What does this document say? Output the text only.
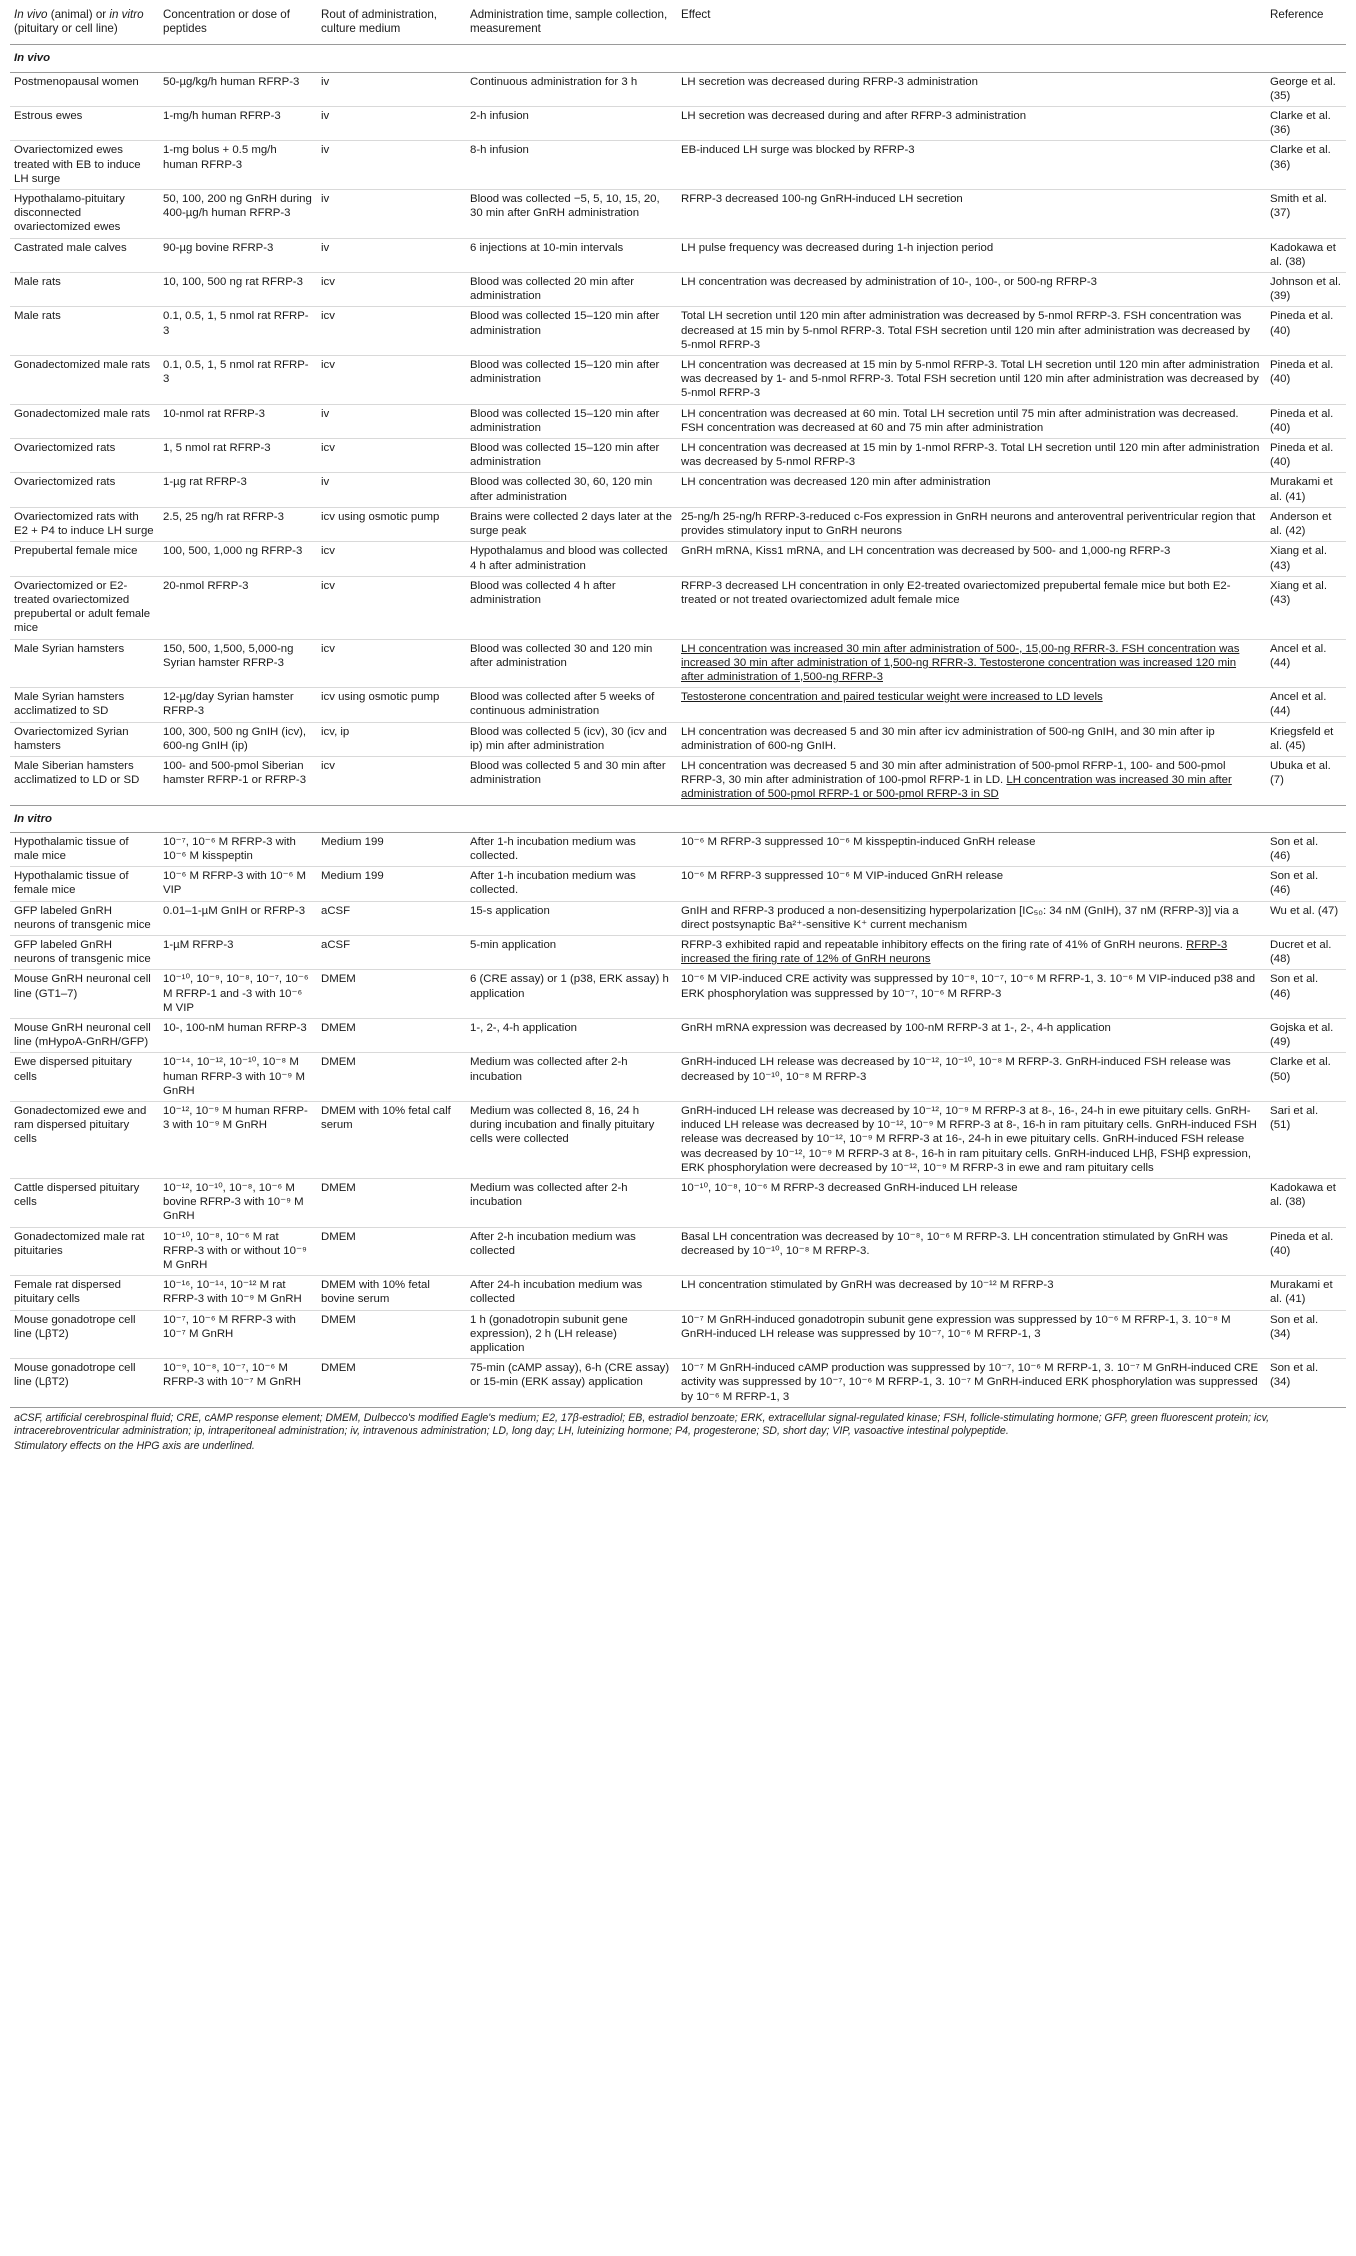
In vivo (animal) or in vitro (pituitary or cell line)	Concentration or dose of peptides	Rout of administration, culture medium	Administration time, sample collection, measurement	Effect	Reference
In vivo					
Postmenopausal women	50-µg/kg/h human RFRP-3	iv	Continuous administration for 3 h	LH secretion was decreased during RFRP-3 administration	George et al. (35)
Estrous ewes	1-mg/h human RFRP-3	iv	2-h infusion	LH secretion was decreased during and after RFRP-3 administration	Clarke et al. (36)
Ovariectomized ewes treated with EB to induce LH surge	1-mg bolus + 0.5 mg/h human RFRP-3	iv	8-h infusion	EB-induced LH surge was blocked by RFRP-3	Clarke et al. (36)
Hypothalamo-pituitary disconnected ovariectomized ewes	50, 100, 200 ng GnRH during 400-µg/h human RFRP-3	iv	Blood was collected −5, 5, 10, 15, 20, 30 min after GnRH administration	RFRP-3 decreased 100-ng GnRH-induced LH secretion	Smith et al. (37)
Castrated male calves	90-µg bovine RFRP-3	iv	6 injections at 10-min intervals	LH pulse frequency was decreased during 1-h injection period	Kadokawa et al. (38)
Male rats	10, 100, 500 ng rat RFRP-3	icv	Blood was collected 20 min after administration	LH concentration was decreased by administration of 10-, 100-, or 500-ng RFRP-3	Johnson et al. (39)
Male rats	0.1, 0.5, 1, 5 nmol rat RFRP-3	icv	Blood was collected 15–120 min after administration	Total LH secretion until 120 min after administration was decreased by 5-nmol RFRP-3. FSH concentration was decreased at 15 min by 5-nmol RFRP-3. Total FSH secretion until 120 min after administration was decreased by 5-nmol RFRP-3	Pineda et al. (40)
Gonadectomized male rats	0.1, 0.5, 1, 5 nmol rat RFRP-3	icv	Blood was collected 15–120 min after administration	LH concentration was decreased at 15 min by 5-nmol RFRP-3. Total LH secretion until 120 min after administration was decreased by 1- and 5-nmol RFRP-3. Total FSH secretion until 120 min after administration was decreased by 5-nmol RFRP-3	Pineda et al. (40)
Gonadectomized male rats	10-nmol rat RFRP-3	iv	Blood was collected 15–120 min after administration	LH concentration was decreased at 60 min. Total LH secretion until 75 min after administration was decreased. FSH concentration was decreased at 60 and 75 min after administration	Pineda et al. (40)
Ovariectomized rats	1, 5 nmol rat RFRP-3	icv	Blood was collected 15–120 min after administration	LH concentration was decreased at 15 min by 1-nmol RFRP-3. Total LH secretion until 120 min after administration was decreased by 5-nmol RFRP-3	Pineda et al. (40)
Ovariectomized rats	1-µg rat RFRP-3	iv	Blood was collected 30, 60, 120 min after administration	LH concentration was decreased 120 min after administration	Murakami et al. (41)
Ovariectomized rats with E2 + P4 to induce LH surge	2.5, 25 ng/h rat RFRP-3	icv using osmotic pump	Brains were collected 2 days later at the surge peak	25-ng/h 25-ng/h RFRP-3-reduced c-Fos expression in GnRH neurons and anteroventral periventricular region that provides stimulatory input to GnRH neurons	Anderson et al. (42)
Prepubertal female mice	100, 500, 1,000 ng RFRP-3	icv	Hypothalamus and blood was collected 4 h after administration	GnRH mRNA, Kiss1 mRNA, and LH concentration was decreased by 500- and 1,000-ng RFRP-3	Xiang et al. (43)
Ovariectomized or E2-treated ovariectomized prepubertal or adult female mice	20-nmol RFRP-3	icv	Blood was collected 4 h after administration	RFRP-3 decreased LH concentration in only E2-treated ovariectomized prepubertal female mice but both E2-treated or not treated ovariectomized adult female mice	Xiang et al. (43)
Male Syrian hamsters	150, 500, 1,500, 5,000-ng Syrian hamster RFRP-3	icv	Blood was collected 30 and 120 min after administration	LH concentration was increased 30 min after administration of 500-, 15,00-ng RFRR-3. FSH concentration was increased 30 min after administration of 1,500-ng RFRR-3. Testosterone concentration was increased 120 min after administration of 1,500-ng RFRP-3	Ancel et al. (44)
Male Syrian hamsters acclimatized to SD	12-µg/day Syrian hamster RFRP-3	icv using osmotic pump	Blood was collected after 5 weeks of continuous administration	Testosterone concentration and paired testicular weight were increased to LD levels	Ancel et al. (44)
Ovariectomized Syrian hamsters	100, 300, 500 ng GnIH (icv), 600-ng GnIH (ip)	icv, ip	Blood was collected 5 (icv), 30 (icv and ip) min after administration	LH concentration was decreased 5 and 30 min after icv administration of 500-ng GnIH, and 30 min after ip administration of 600-ng GnIH.	Kriegsfeld et al. (45)
Male Siberian hamsters acclimatized to LD or SD	100- and 500-pmol Siberian hamster RFRP-1 or RFRP-3	icv	Blood was collected 5 and 30 min after administration	LH concentration was decreased 5 and 30 min after administration of 500-pmol RFRP-1, 100- and 500-pmol RFRP-3, 30 min after administration of 100-pmol RFRP-1 in LD. LH concentration was increased 30 min after administration of 500-pmol RFRP-1 or 500-pmol RFRP-3 in SD	Ubuka et al. (7)
In vitro					
Hypothalamic tissue of male mice	10⁻⁷, 10⁻⁶ M RFRP-3 with 10⁻⁶ M kisspeptin	Medium 199	After 1-h incubation medium was collected.	10⁻⁶ M RFRP-3 suppressed 10⁻⁶ M kisspeptin-induced GnRH release	Son et al. (46)
Hypothalamic tissue of female mice	10⁻⁶ M RFRP-3 with 10⁻⁶ M VIP	Medium 199	After 1-h incubation medium was collected.	10⁻⁶ M RFRP-3 suppressed 10⁻⁶ M VIP-induced GnRH release	Son et al. (46)
GFP labeled GnRH neurons of transgenic mice	0.01–1-µM GnIH or RFRP-3	aCSF	15-s application	GnIH and RFRP-3 produced a non-desensitizing hyperpolarization [IC₅₀: 34 nM (GnIH), 37 nM (RFRP-3)] via a direct postsynaptic Ba²⁺-sensitive K⁺ current mechanism	Wu et al. (47)
GFP labeled GnRH neurons of transgenic mice	1-µM RFRP-3	aCSF	5-min application	RFRP-3 exhibited rapid and repeatable inhibitory effects on the firing rate of 41% of GnRH neurons. RFRP-3 increased the firing rate of 12% of GnRH neurons	Ducret et al. (48)
Mouse GnRH neuronal cell line (GT1–7)	10⁻¹⁰, 10⁻⁹, 10⁻⁸, 10⁻⁷, 10⁻⁶ M RFRP-1 and -3 with 10⁻⁶ M VIP	DMEM	6 (CRE assay) or 1 (p38, ERK assay) h application	10⁻⁶ M VIP-induced CRE activity was suppressed by 10⁻⁸, 10⁻⁷, 10⁻⁶ M RFRP-1, 3. 10⁻⁶ M VIP-induced p38 and ERK phosphorylation was suppressed by 10⁻⁷, 10⁻⁶ M RFRP-3	Son et al. (46)
Mouse GnRH neuronal cell line (mHypoA-GnRH/GFP)	10-, 100-nM human RFRP-3	DMEM	1-, 2-, 4-h application	GnRH mRNA expression was decreased by 100-nM RFRP-3 at 1-, 2-, 4-h application	Gojska et al. (49)
Ewe dispersed pituitary cells	10⁻¹⁴, 10⁻¹², 10⁻¹⁰, 10⁻⁸ M human RFRP-3 with 10⁻⁹ M GnRH	DMEM	Medium was collected after 2-h incubation	GnRH-induced LH release was decreased by 10⁻¹², 10⁻¹⁰, 10⁻⁸ M RFRP-3. GnRH-induced FSH release was decreased by 10⁻¹⁰, 10⁻⁸ M RFRP-3	Clarke et al. (50)
Gonadectomized ewe and ram dispersed pituitary cells	10⁻¹², 10⁻⁹ M human RFRP-3 with 10⁻⁹ M GnRH	DMEM with 10% fetal calf serum	Medium was collected 8, 16, 24 h during incubation and finally pituitary cells were collected	GnRH-induced LH release was decreased by 10⁻¹², 10⁻⁹ M RFRP-3 at 8-, 16-, 24-h in ewe pituitary cells. GnRH-induced LH release was decreased by 10⁻¹², 10⁻⁹ M RFRP-3 at 8-, 16-h in ram pituitary cells. GnRH-induced FSH release was decreased by 10⁻¹², 10⁻⁹ M RFRP-3 at 16-, 24-h in ewe pituitary cells. GnRH-induced FSH release was decreased by 10⁻¹², 10⁻⁹ M RFRP-3 at 8-, 16-h in ram pituitary cells. GnRH-induced LHβ, FSHβ expression, ERK phosphorylation were decreased by 10⁻¹², 10⁻⁹ M RFRP-3 in ewe and ram pituitary cells	Sari et al. (51)
Cattle dispersed pituitary cells	10⁻¹², 10⁻¹⁰, 10⁻⁸, 10⁻⁶ M bovine RFRP-3 with 10⁻⁹ M GnRH	DMEM	Medium was collected after 2-h incubation	10⁻¹⁰, 10⁻⁸, 10⁻⁶ M RFRP-3 decreased GnRH-induced LH release	Kadokawa et al. (38)
Gonadectomized male rat pituitaries	10⁻¹⁰, 10⁻⁸, 10⁻⁶ M rat RFRP-3 with or without 10⁻⁹ M GnRH	DMEM	After 2-h incubation medium was collected	Basal LH concentration was decreased by 10⁻⁸, 10⁻⁶ M RFRP-3. LH concentration stimulated by GnRH was decreased by 10⁻¹⁰, 10⁻⁸ M RFRP-3.	Pineda et al. (40)
Female rat dispersed pituitary cells	10⁻¹⁶, 10⁻¹⁴, 10⁻¹² M rat RFRP-3 with 10⁻⁹ M GnRH	DMEM with 10% fetal bovine serum	After 24-h incubation medium was collected	LH concentration stimulated by GnRH was decreased by 10⁻¹² M RFRP-3	Murakami et al. (41)
Mouse gonadotrope cell line (LβT2)	10⁻⁷, 10⁻⁶ M RFRP-3 with 10⁻⁷ M GnRH	DMEM	1 h (gonadotropin subunit gene expression), 2 h (LH release) application	10⁻⁷ M GnRH-induced gonadotropin subunit gene expression was suppressed by 10⁻⁶ M RFRP-1, 3. 10⁻⁸ M GnRH-induced LH release was suppressed by 10⁻⁷, 10⁻⁶ M RFRP-1, 3	Son et al. (34)
Mouse gonadotrope cell line (LβT2)	10⁻⁹, 10⁻⁸, 10⁻⁷, 10⁻⁶ M RFRP-3 with 10⁻⁷ M GnRH	DMEM	75-min (cAMP assay), 6-h (CRE assay) or 15-min (ERK assay) application	10⁻⁷ M GnRH-induced cAMP production was suppressed by 10⁻⁷, 10⁻⁶ M RFRP-1, 3. 10⁻⁷ M GnRH-induced CRE activity was suppressed by 10⁻⁷, 10⁻⁶ M RFRP-1, 3. 10⁻⁷ M GnRH-induced ERK phosphorylation was suppressed by 10⁻⁶ M RFRP-1, 3	Son et al. (34)
aCSF, artificial cerebrospinal fluid; CRE, cAMP response element; DMEM, Dulbecco's modified Eagle's medium; E2, 17β-estradiol; EB, estradiol benzoate; ERK, extracellular signal-regulated kinase; FSH, follicle-stimulating hormone; GFP, green fluorescent protein; icv, intracerebroventricular administration; ip, intraperitoneal administration; iv, intravenous administration; LD, long day; LH, luteinizing hormone; P4, progesterone; SD, short day; VIP, vasoactive intestinal polypeptide.
Stimulatory effects on the HPG axis are underlined.
